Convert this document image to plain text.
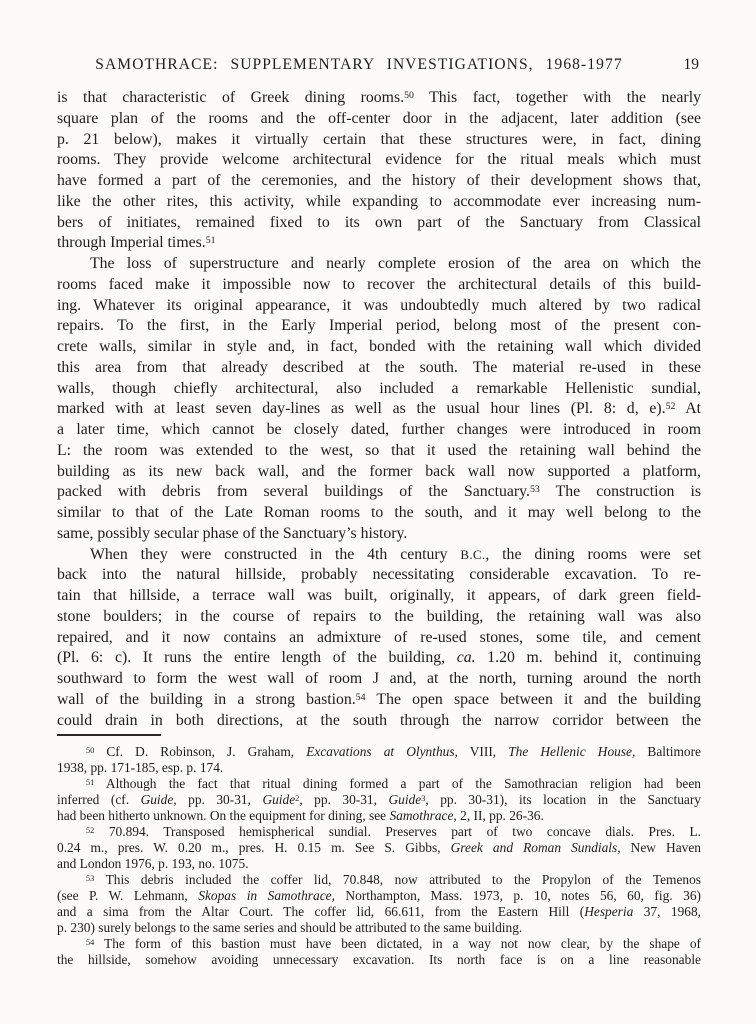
SAMOTHRACE: SUPPLEMENTARY INVESTIGATIONS, 1968-1977	19
is that characteristic of Greek dining rooms.$^{50}$ This fact, together with the nearly
square plan of the rooms and the off-center door in the adjacent, later addition (see
p. 21 below), makes it virtually certain that these structures were, in fact, dining
rooms. They provide welcome architectural evidence for the ritual meals which must
have formed a part of the ceremonies, and the history of their development shows that,
like the other rites, this activity, while expanding to accommodate ever increasing num-
bers of initiates, remained fixed to its own part of the Sanctuary from Classical
through Imperial times.$^{51}$
The loss of superstructure and nearly complete erosion of the area on which the
rooms faced make it impossible now to recover the architectural details of this build-
ing. Whatever its original appearance, it was undoubtedly much altered by two radical
repairs. To the first, in the Early Imperial period, belong most of the present con-
crete walls, similar in style and, in fact, bonded with the retaining wall which divided
this area from that already described at the south. The material re-used in these
walls, though chiefly architectural, also included a remarkable Hellenistic sundial,
marked with at least seven day-lines as well as the usual hour lines (Pl. 8: d, e).$^{52}$ At
a later time, which cannot be closely dated, further changes were introduced in room
L: the room was extended to the west, so that it used the retaining wall behind the
building as its new back wall, and the former back wall now supported a platform,
packed with debris from several buildings of the Sanctuary.$^{53}$ The construction is
similar to that of the Late Roman rooms to the south, and it may well belong to the
same, possibly secular phase of the Sanctuary’s history.
When they were constructed in the 4th century B.C., the dining rooms were set
back into the natural hillside, probably necessitating considerable excavation. To re-
tain that hillside, a terrace wall was built, originally, it appears, of dark green field-
stone boulders; in the course of repairs to the building, the retaining wall was also
repaired, and it now contains an admixture of re-used stones, some tile, and cement
(Pl. 6: c). It runs the entire length of the building, ca. 1.20 m. behind it, continuing
southward to form the west wall of room J and, at the north, turning around the north
wall of the building in a strong bastion.$^{54}$ The open space between it and the building
could drain in both directions, at the south through the narrow corridor between the
$^{50}$ Cf. D. Robinson, J. Graham, Excavations at Olynthus, VIII, The Hellenic House, Baltimore
1938, pp. 171-185, esp. p. 174.
$^{51}$ Although the fact that ritual dining formed a part of the Samothracian religion had been
inferred (cf. Guide, pp. 30-31, Guide$^2$, pp. 30-31, Guide$^3$, pp. 30-31), its location in the Sanctuary
had been hitherto unknown. On the equipment for dining, see Samothrace, 2, II, pp. 26-36.
$^{52}$ 70.894. Transposed hemispherical sundial. Preserves part of two concave dials. Pres. L.
0.24 m., pres. W. 0.20 m., pres. H. 0.15 m. See S. Gibbs, Greek and Roman Sundials, New Haven
and London 1976, p. 193, no. 1075.
$^{53}$ This debris included the coffer lid, 70.848, now attributed to the Propylon of the Temenos
(see P. W. Lehmann, Skopas in Samothrace, Northampton, Mass. 1973, p. 10, notes 56, 60, fig. 36)
and a sima from the Altar Court. The coffer lid, 66.611, from the Eastern Hill (Hesperia 37, 1968,
p. 230) surely belongs to the same series and should be attributed to the same building.
$^{54}$ The form of this bastion must have been dictated, in a way not now clear, by the shape of
the hillside, somehow avoiding unnecessary excavation. Its north face is on a line reasonable
